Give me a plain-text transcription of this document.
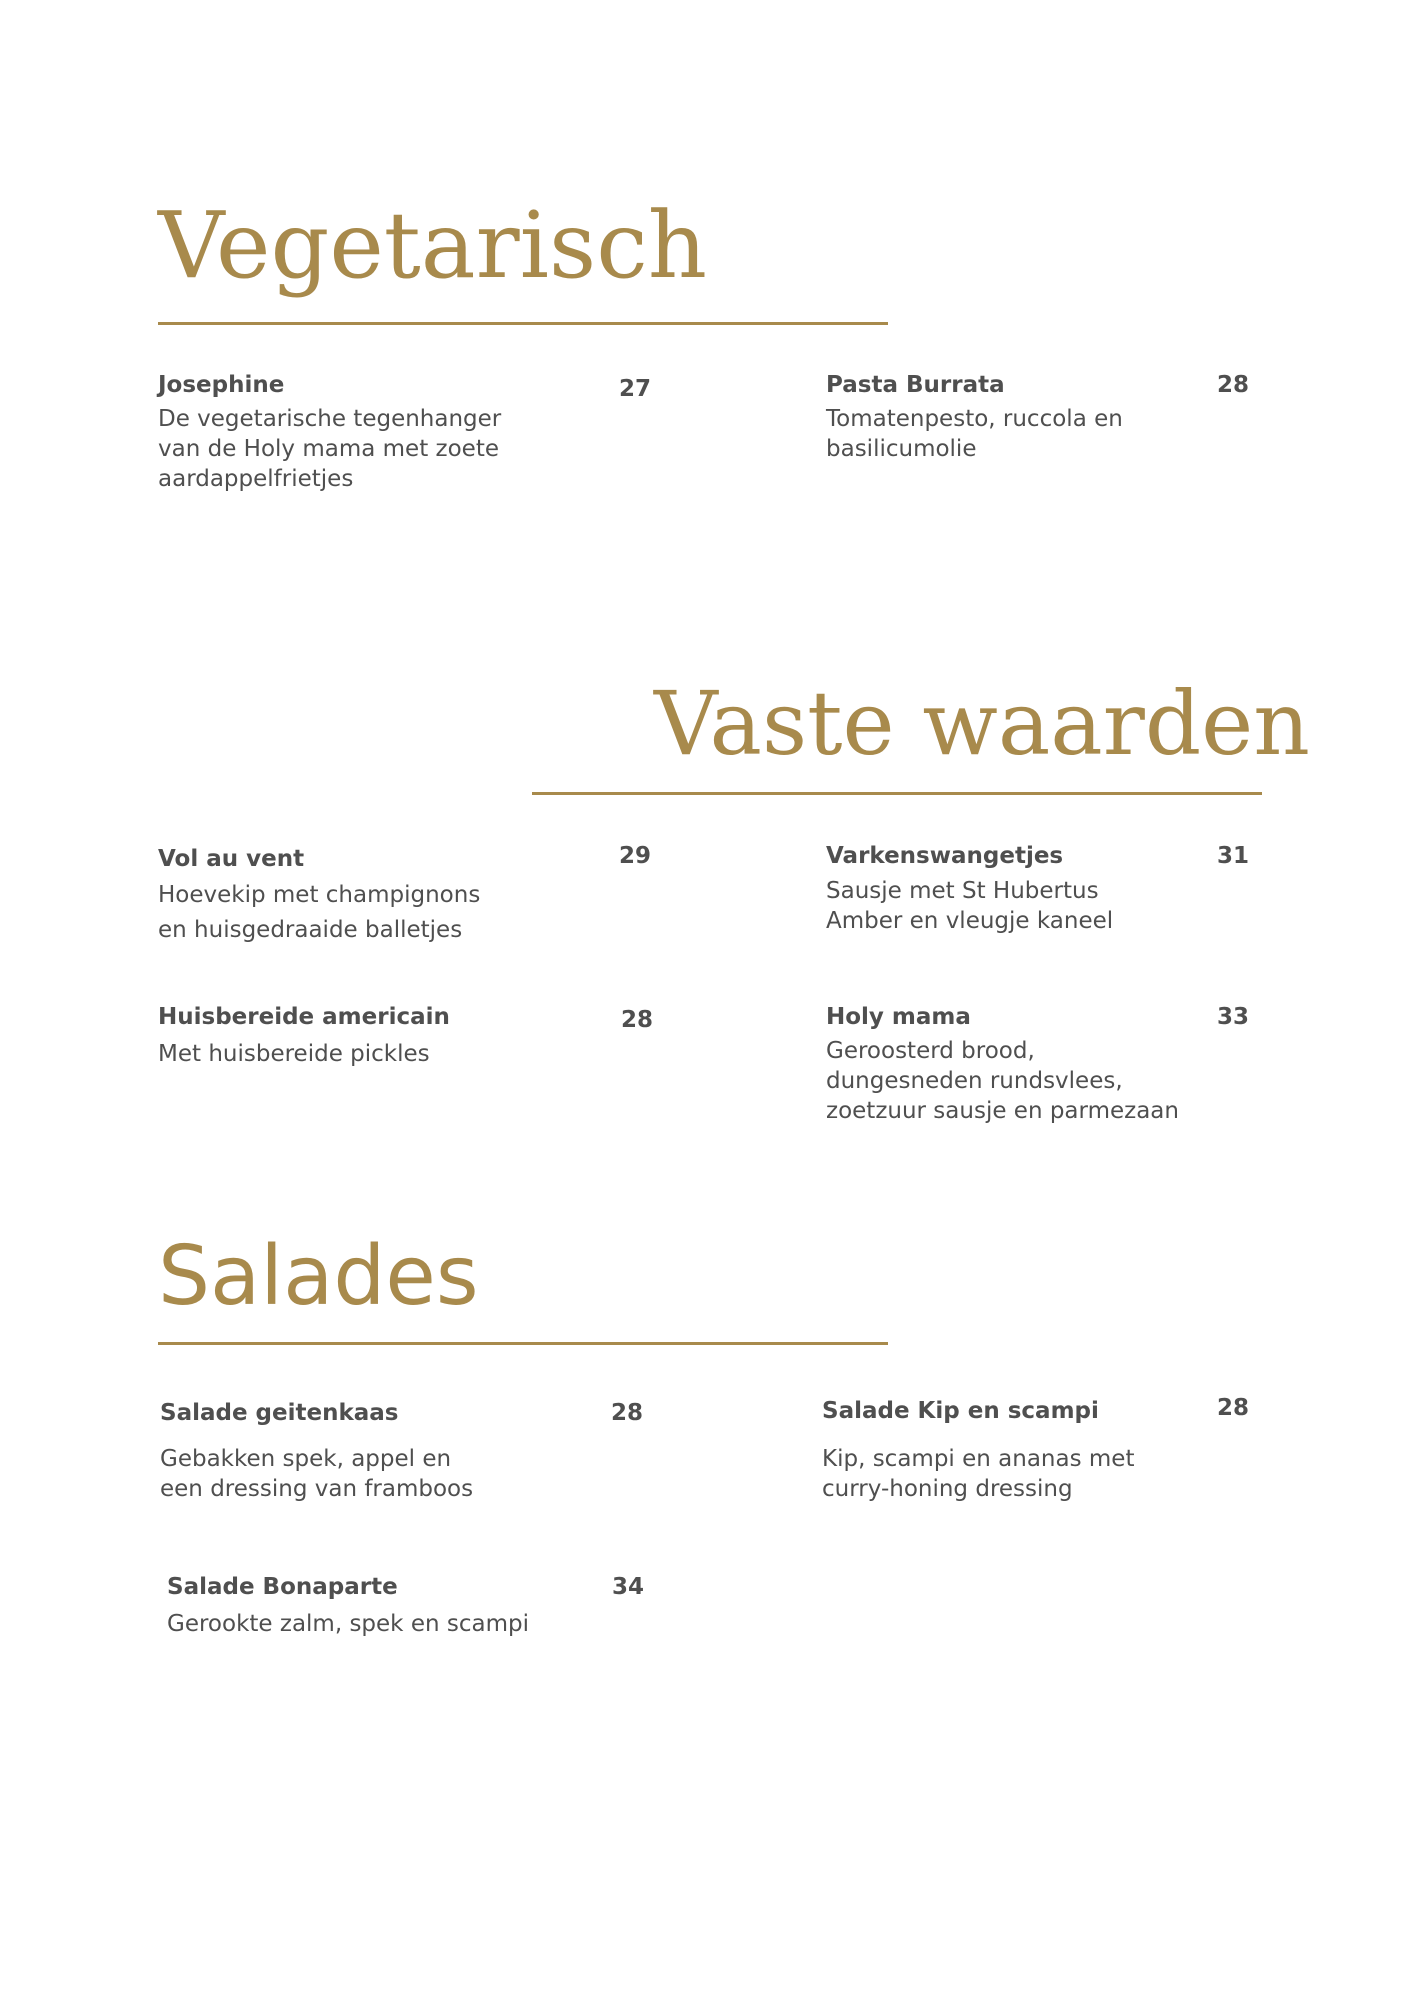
Vegetarisch

Josephine	27

De vegetarische tegenhanger
van de Holy mama met zoete
aardappelfrietjes

Pasta Burrata	28

Tomatenpesto, ruccola en
basilicumolie
Vaste waarden

Vol au vent	29

Hoevekip met champignons
en huisgedraaide balletjes

Varkenswangetjes	31

Sausje met St Hubertus
Amber en vleugje kaneel

Huisbereide americain	28

Met huisbereide pickles

Holy mama	33

Geroosterd brood,
dungesneden rundsvlees,
zoetzuur sausje en parmezaan
Salades

Salade geitenkaas	28

Gebakken spek, appel en
een dressing van framboos

Salade Kip en scampi	28

Kip, scampi en ananas met
curry-honing dressing

Salade Bonaparte	34

Gerookte zalm, spek en scampi
